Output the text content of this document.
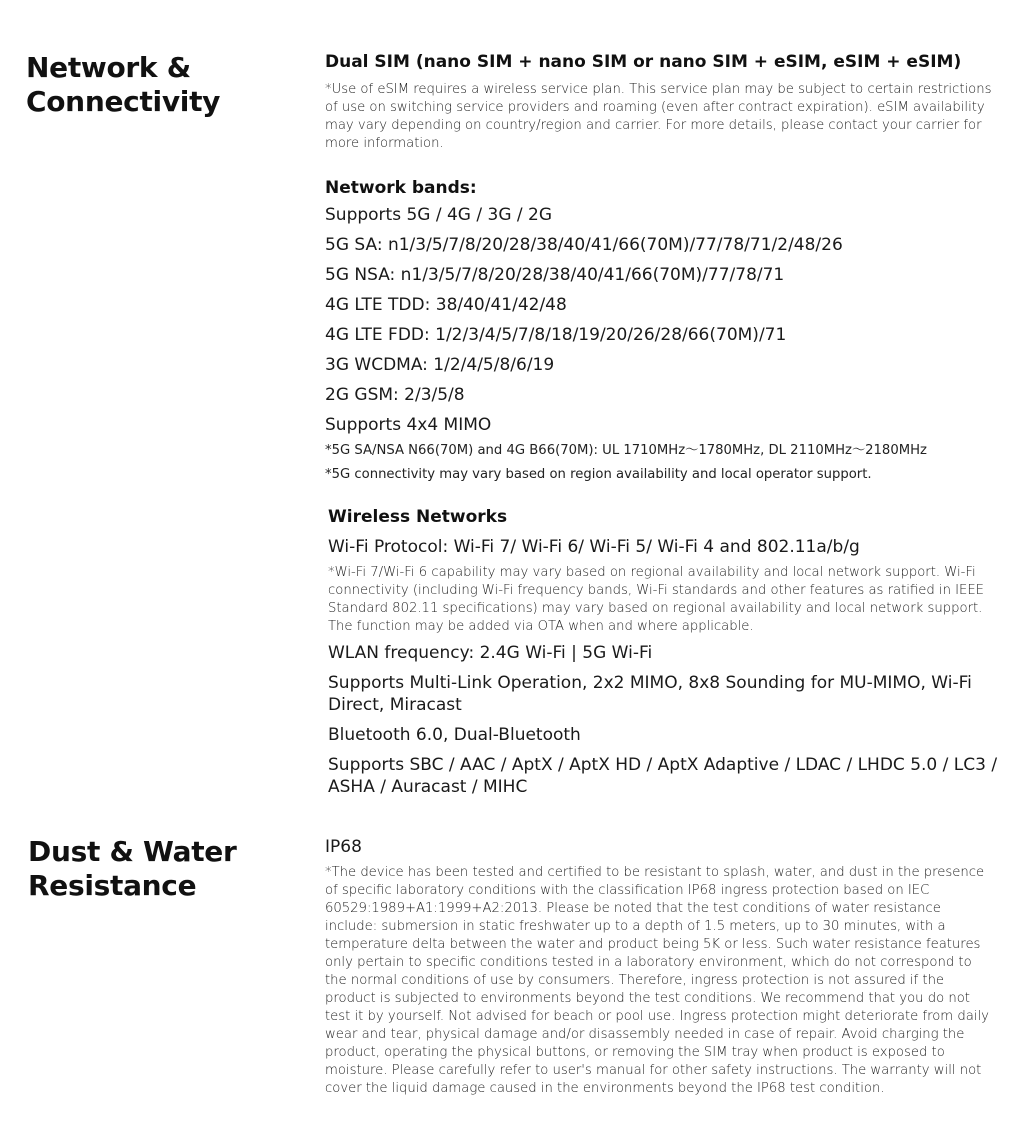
Network &
Connectivity

Dual SIM (nano SIM + nano SIM or nano SIM + eSIM, eSIM + eSIM)

*Use of eSIM requires a wireless service plan. This service plan may be subject to certain restrictions of use on switching service providers and roaming (even after contract expiration). eSIM availability may vary depending on country/region and carrier. For more details, please contact your carrier for more information.

Network bands:

Supports 5G / 4G / 3G / 2G

5G SA: n1/3/5/7/8/20/28/38/40/41/66(70M)/77/78/71/2/48/26

5G NSA: n1/3/5/7/8/20/28/38/40/41/66(70M)/77/78/71

4G LTE TDD: 38/40/41/42/48

4G LTE FDD: 1/2/3/4/5/7/8/18/19/20/26/28/66(70M)/71

3G WCDMA: 1/2/4/5/8/6/19

2G GSM: 2/3/5/8

Supports 4x4 MIMO

*5G SA/NSA N66(70M) and 4G B66(70M): UL 1710MHz～1780MHz, DL 2110MHz～2180MHz

*5G connectivity may vary based on region availability and local operator support.

Wireless Networks

Wi-Fi Protocol: Wi-Fi 7/ Wi-Fi 6/ Wi-Fi 5/ Wi-Fi 4 and 802.11a/b/g

*Wi-Fi 7/Wi-Fi 6 capability may vary based on regional availability and local network support. Wi-Fi connectivity (including Wi-Fi frequency bands, Wi-Fi standards and other features as ratified in IEEE Standard 802.11 specifications) may vary based on regional availability and local network support. The function may be added via OTA when and where applicable.

WLAN frequency: 2.4G Wi-Fi | 5G Wi-Fi

Supports Multi-Link Operation, 2x2 MIMO, 8x8 Sounding for MU-MIMO, Wi-Fi Direct, Miracast

Bluetooth 6.0, Dual-Bluetooth

Supports SBC / AAC / AptX / AptX HD / AptX Adaptive / LDAC / LHDC 5.0 / LC3 / ASHA / Auracast / MIHC

Dust & Water
Resistance

IP68

*The device has been tested and certified to be resistant to splash, water, and dust in the presence of specific laboratory conditions with the classification IP68 ingress protection based on IEC 60529:1989+A1:1999+A2:2013. Please be noted that the test conditions of water resistance include: submersion in static freshwater up to a depth of 1.5 meters, up to 30 minutes, with a temperature delta between the water and product being 5K or less. Such water resistance features only pertain to specific conditions tested in a laboratory environment, which do not correspond to the normal conditions of use by consumers. Therefore, ingress protection is not assured if the product is subjected to environments beyond the test conditions. We recommend that you do not test it by yourself. Not advised for beach or pool use. Ingress protection might deteriorate from daily wear and tear, physical damage and/or disassembly needed in case of repair. Avoid charging the product, operating the physical buttons, or removing the SIM tray when product is exposed to moisture. Please carefully refer to user's manual for other safety instructions. The warranty will not cover the liquid damage caused in the environments beyond the IP68 test condition.
